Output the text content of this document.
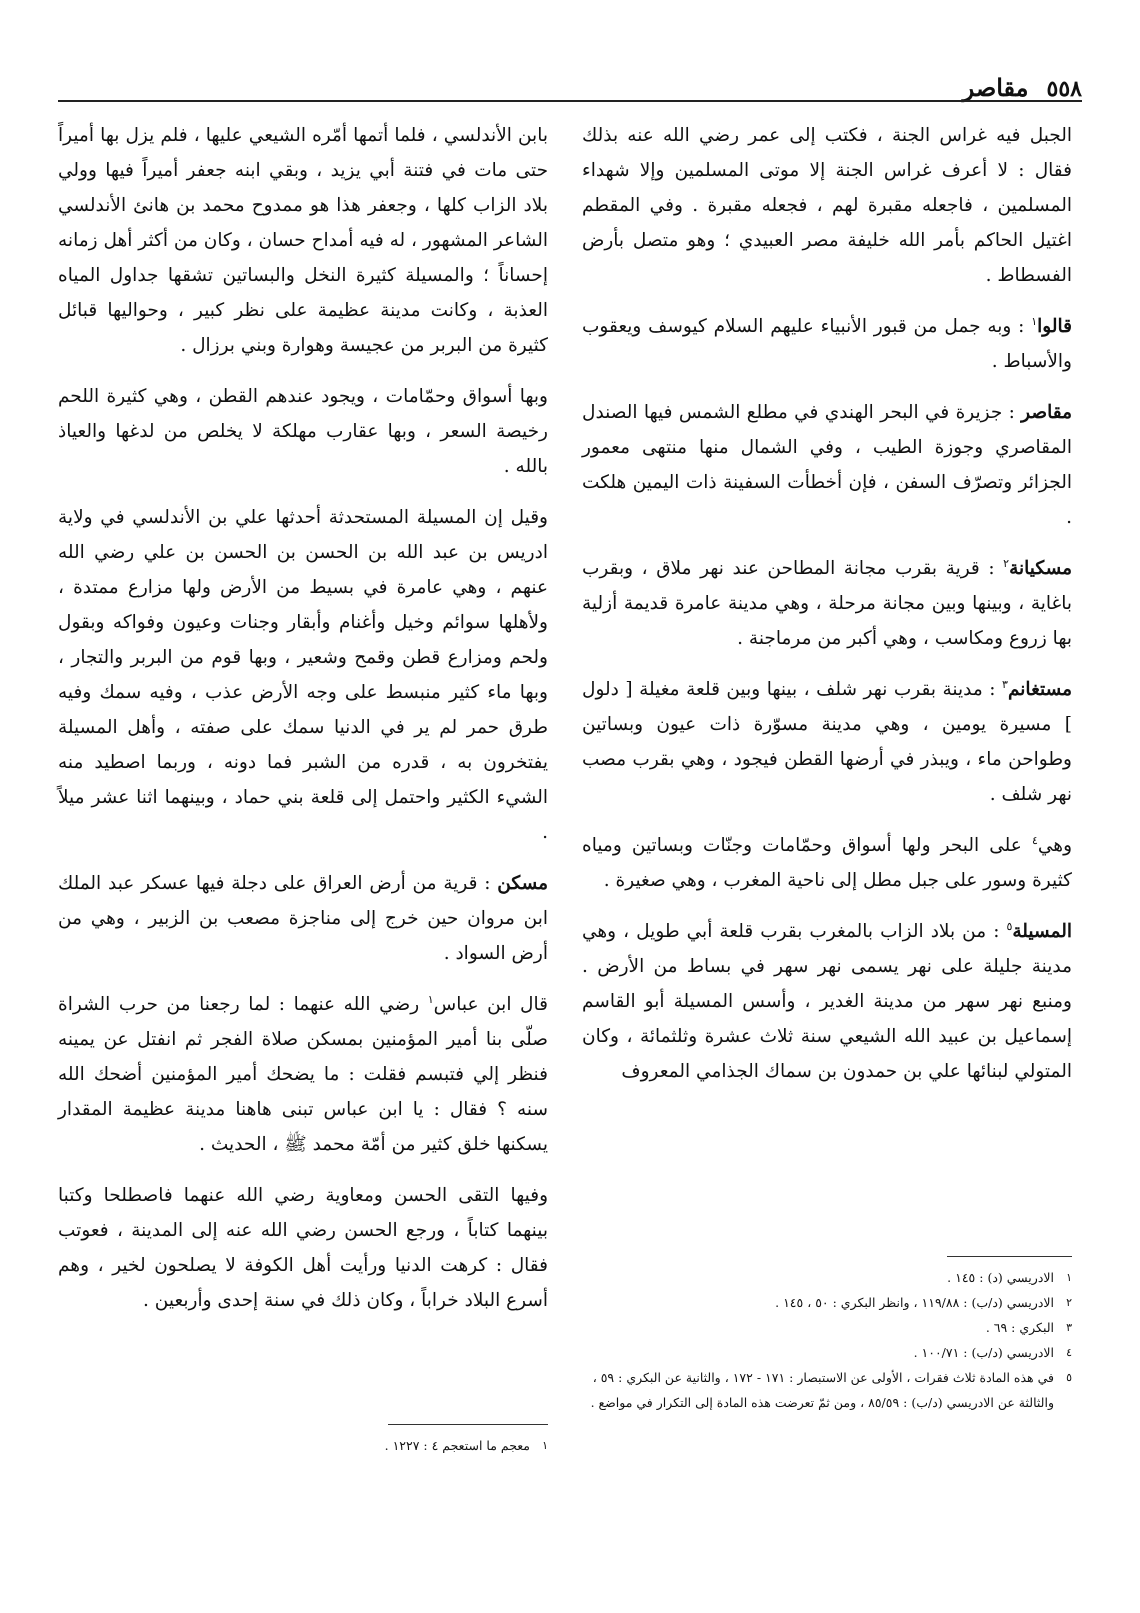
٥٥٨
مقاصر

الجبل فيه غراس الجنة ، فكتب إلى عمر رضي الله عنه بذلك فقال : لا أعرف غراس الجنة إلا موتى المسلمين وإلا شهداء المسلمين ، فاجعله مقبرة لهم ، فجعله مقبرة . وفي المقطم اغتيل الحاكم بأمر الله خليفة مصر العبيدي ؛ وهو متصل بأرض الفسطاط .

قالوا$^١$ : وبه جمل من قبور الأنبياء عليهم السلام كيوسف ويعقوب والأسباط .

مقاصر : جزيرة في البحر الهندي في مطلع الشمس فيها الصندل المقاصري وجوزة الطيب ، وفي الشمال منها منتهى معمور الجزائر وتصرّف السفن ، فإن أخطأت السفينة ذات اليمين هلكت .

مسكيانة$^٢$ : قرية بقرب مجانة المطاحن عند نهر ملاق ، وبقرب باغاية ، وبينها وبين مجانة مرحلة ، وهي مدينة عامرة قديمة أزلية بها زروع ومكاسب ، وهي أكبر من مرماجنة .

مستغانم$^٣$ : مدينة بقرب نهر شلف ، بينها وبين قلعة مغيلة [ دلول ] مسيرة يومين ، وهي مدينة مسوّرة ذات عيون وبساتين وطواحن ماء ، ويبذر في أرضها القطن فيجود ، وهي بقرب مصب نهر شلف .

وهي$^٤$ على البحر ولها أسواق وحمّامات وجنّات وبساتين ومياه كثيرة وسور على جبل مطل إلى ناحية المغرب ، وهي صغيرة .

المسيلة$^٥$ : من بلاد الزاب بالمغرب بقرب قلعة أبي طويل ، وهي مدينة جليلة على نهر يسمى نهر سهر في بساط من الأرض . ومنبع نهر سهر من مدينة الغدير ، وأسس المسيلة أبو القاسم إسماعيل بن عبيد الله الشيعي سنة ثلاث عشرة وثلثمائة ، وكان المتولي لبنائها علي بن حمدون بن سماك الجذامي المعروف

بابن الأندلسي ، فلما أتمها أمّره الشيعي عليها ، فلم يزل بها أميراً حتى مات في فتنة أبي يزيد ، وبقي ابنه جعفر أميراً فيها وولي بلاد الزاب كلها ، وجعفر هذا هو ممدوح محمد بن هانئ الأندلسي الشاعر المشهور ، له فيه أمداح حسان ، وكان من أكثر أهل زمانه إحساناً ؛ والمسيلة كثيرة النخل والبساتين تشقها جداول المياه العذبة ، وكانت مدينة عظيمة على نظر كبير ، وحواليها قبائل كثيرة من البربر من عجيسة وهوارة وبني برزال .

وبها أسواق وحمّامات ، ويجود عندهم القطن ، وهي كثيرة اللحم رخيصة السعر ، وبها عقارب مهلكة لا يخلص من لدغها والعياذ بالله .

وقيل إن المسيلة المستحدثة أحدثها علي بن الأندلسي في ولاية ادريس بن عبد الله بن الحسن بن الحسن بن علي رضي الله عنهم ، وهي عامرة في بسيط من الأرض ولها مزارع ممتدة ، ولأهلها سوائم وخيل وأغنام وأبقار وجنات وعيون وفواكه وبقول ولحم ومزارع قطن وقمح وشعير ، وبها قوم من البربر والتجار ، وبها ماء كثير منبسط على وجه الأرض عذب ، وفيه سمك وفيه طرق حمر لم ير في الدنيا سمك على صفته ، وأهل المسيلة يفتخرون به ، قدره من الشبر فما دونه ، وربما اصطيد منه الشيء الكثير واحتمل إلى قلعة بني حماد ، وبينهما اثنا عشر ميلاً .

مسكن : قرية من أرض العراق على دجلة فيها عسكر عبد الملك ابن مروان حين خرج إلى مناجزة مصعب بن الزبير ، وهي من أرض السواد .

قال ابن عباس$^١$ رضي الله عنهما : لما رجعنا من حرب الشراة صلّى بنا أمير المؤمنين بمسكن صلاة الفجر ثم انفتل عن يمينه فنظر إلي فتبسم فقلت : ما يضحك أمير المؤمنين أضحك الله سنه ؟ فقال : يا ابن عباس تبنى هاهنا مدينة عظيمة المقدار يسكنها خلق كثير من أمّة محمد ﷺ ، الحديث .

وفيها التقى الحسن ومعاوية رضي الله عنهما فاصطلحا وكتبا بينهما كتاباً ، ورجع الحسن رضي الله عنه إلى المدينة ، فعوتب فقال : كرهت الدنيا ورأيت أهل الكوفة لا يصلحون لخير ، وهم أسرع البلاد خراباً ، وكان ذلك في سنة إحدى وأربعين .

١
الادريسي (د) : ١٤٥ .
٢
الادريسي (د/ب) : ١١٩/٨٨ ، وانظر البكري : ٥٠ ، ١٤٥ .
٣
البكري : ٦٩ .
٤
الادريسي (د/ب) : ١٠٠/٧١ .
٥
في هذه المادة ثلاث فقرات ، الأولى عن الاستبصار : ١٧١ - ١٧٢ ، والثانية عن البكري : ٥٩ ، والثالثة عن الادريسي (د/ب) : ٨٥/٥٩ ، ومن ثمّ تعرضت هذه المادة إلى التكرار في مواضع .
١
معجم ما استعجم ٤ : ١٢٢٧ .
